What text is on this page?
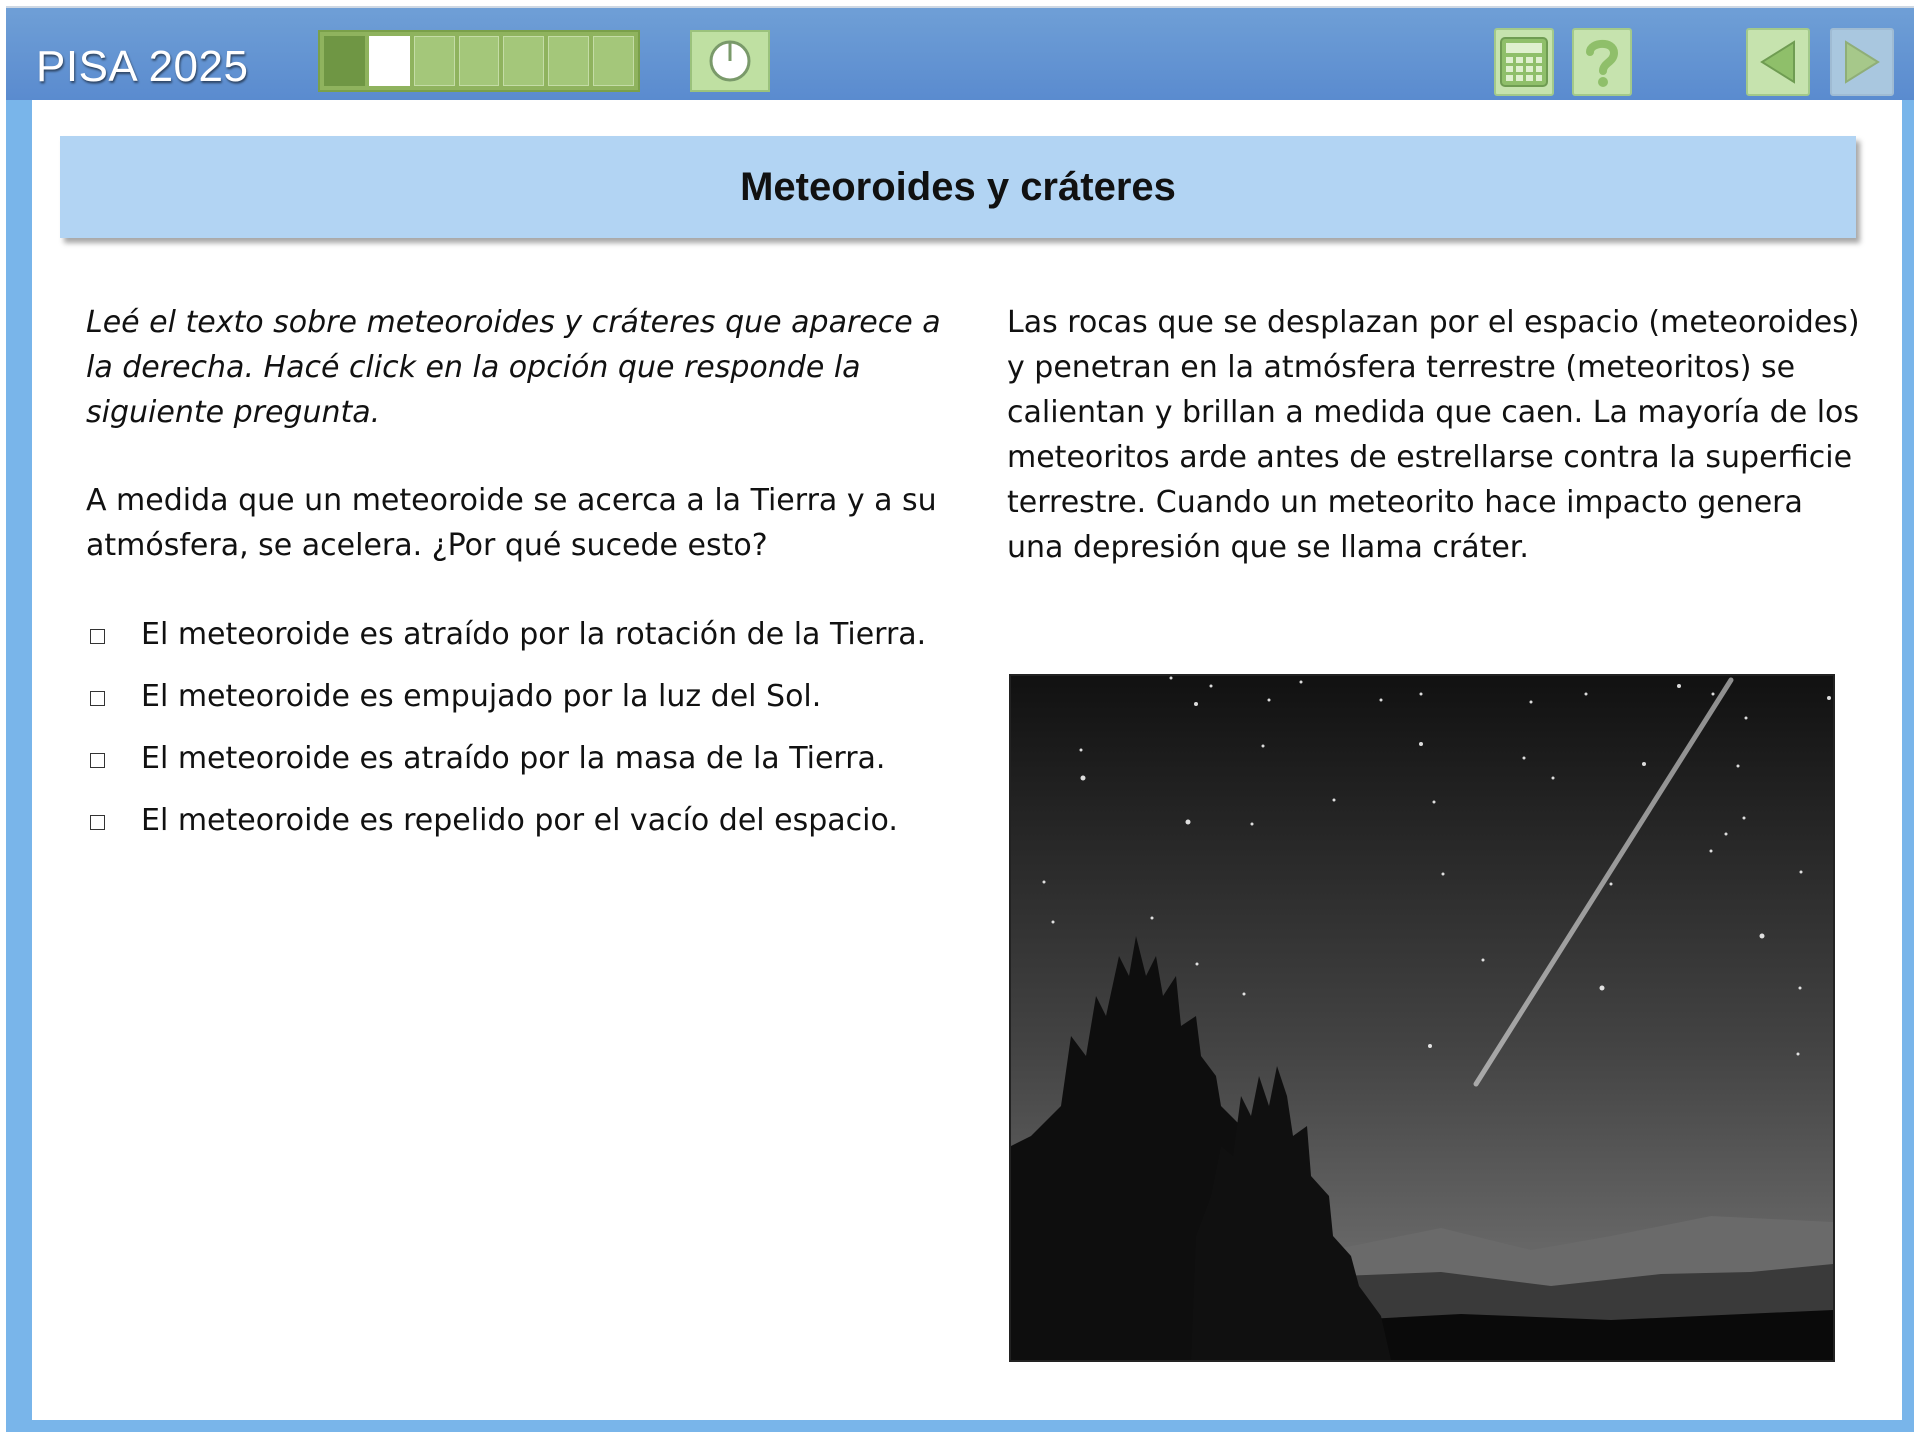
PISA 2025
Meteoroides y cráteres

Leé el texto sobre meteoroides y cráteres que aparece a la derecha. Hacé click en la opción que responde la siguiente pregunta.

A medida que un meteoroide se acerca a la Tierra y a su atmósfera, se acelera. ¿Por qué sucede esto?

El meteoroide es atraído por la rotación de la Tierra.
El meteoroide es empujado por la luz del Sol.
El meteoroide es atraído por la masa de la Tierra.
El meteoroide es repelido por el vacío del espacio.

Las rocas que se desplazan por el espacio (meteoroides) y penetran en la atmósfera terrestre (meteoritos) se calientan y brillan a medida que caen. La mayoría de los meteoritos arde antes de estrellarse contra la superficie terrestre. Cuando un meteorito hace impacto genera una depresión que se llama cráter.
